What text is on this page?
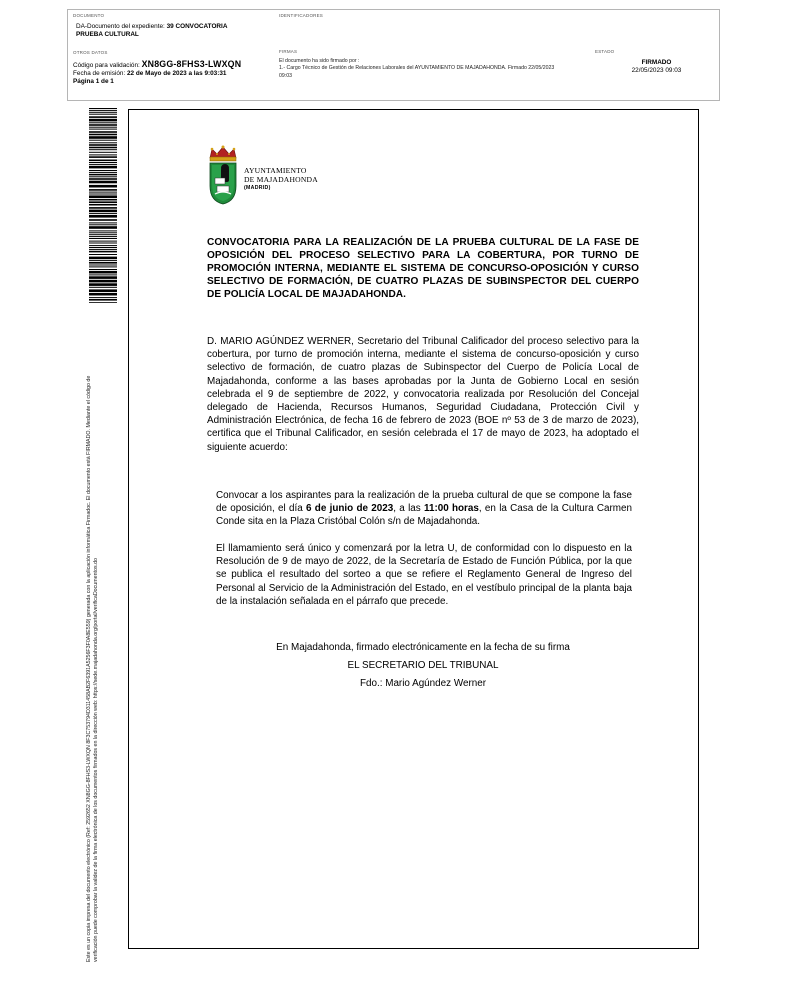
DOCUMENTO
DA-Documento del expediente: 39 CONVOCATORIA
PRUEBA CULTURAL
IDENTIFICADORES
OTROS DATOS
Código para validación: XN8GG-8FHS3-LWXQN
Fecha de emisión: 22 de Mayo de 2023 a las 9:03:31
Página 1 de 1
FIRMAS
El documento ha sido firmado por :
1.- Cargo Técnico de Gestión de Relaciones Laborales del AYUNTAMIENTO DE MAJADAHONDA. Firmado 22/05/2023
09:03
ESTADO
FIRMADO
22/05/2023 09:03
Este es un copia impresa del documento electrónico (Ref: 2592652 XN8GG-8FHS3-LWXQN 8F3C753794D311458AB2F6391A5256F3F0A8E559) generada con la aplicación informática Firmadoc. El documento está FIRMADO. Mediante el código de verificación puede comprobar la validez de la firma electrónica de los documentos firmados en la dirección web: https://sede.majadahonda.org/portal/verificaDocumentos.do
AYUNTAMIENTO
DE MAJADAHONDA
(MADRID)
CONVOCATORIA PARA LA REALIZACIÓN DE LA PRUEBA CULTURAL DE LA FASE DE OPOSICIÓN DEL PROCESO SELECTIVO PARA LA COBERTURA, POR TURNO DE PROMOCIÓN INTERNA, MEDIANTE EL SISTEMA DE CONCURSO-OPOSICIÓN Y CURSO SELECTIVO DE FORMACIÓN, DE CUATRO PLAZAS DE SUBINSPECTOR DEL CUERPO DE POLICÍA LOCAL DE MAJADAHONDA.
D. MARIO AGÚNDEZ WERNER, Secretario del Tribunal Calificador del proceso selectivo para la cobertura, por turno de promoción interna, mediante el sistema de concurso-oposición y curso selectivo de formación, de cuatro plazas de Subinspector del Cuerpo de Policía Local de Majadahonda, conforme a las bases aprobadas por la Junta de Gobierno Local en sesión celebrada el 9 de septiembre de 2022, y convocatoria realizada por Resolución del Concejal delegado de Hacienda, Recursos Humanos, Seguridad Ciudadana, Protección Civil y Administración Electrónica, de fecha 16 de febrero de 2023 (BOE nº 53 de 3 de marzo de 2023), certifica que el Tribunal Calificador, en sesión celebrada el 17 de mayo de 2023, ha adoptado el siguiente acuerdo:
Convocar a los aspirantes para la realización de la prueba cultural de que se compone la fase de oposición, el día 6 de junio de 2023, a las 11:00 horas, en la Casa de la Cultura Carmen Conde sita en la Plaza Cristóbal Colón s/n de Majadahonda.
El llamamiento será único y comenzará por la letra U, de conformidad con lo dispuesto en la Resolución de 9 de mayo de 2022, de la Secretaría de Estado de Función Pública, por la que se publica el resultado del sorteo a que se refiere el Reglamento General de Ingreso del Personal al Servicio de la Administración del Estado, en el vestíbulo principal de la planta baja de la instalación señalada en el párrafo que precede.
En Majadahonda, firmado electrónicamente en la fecha de su firma
EL SECRETARIO DEL TRIBUNAL
Fdo.: Mario Agúndez Werner
